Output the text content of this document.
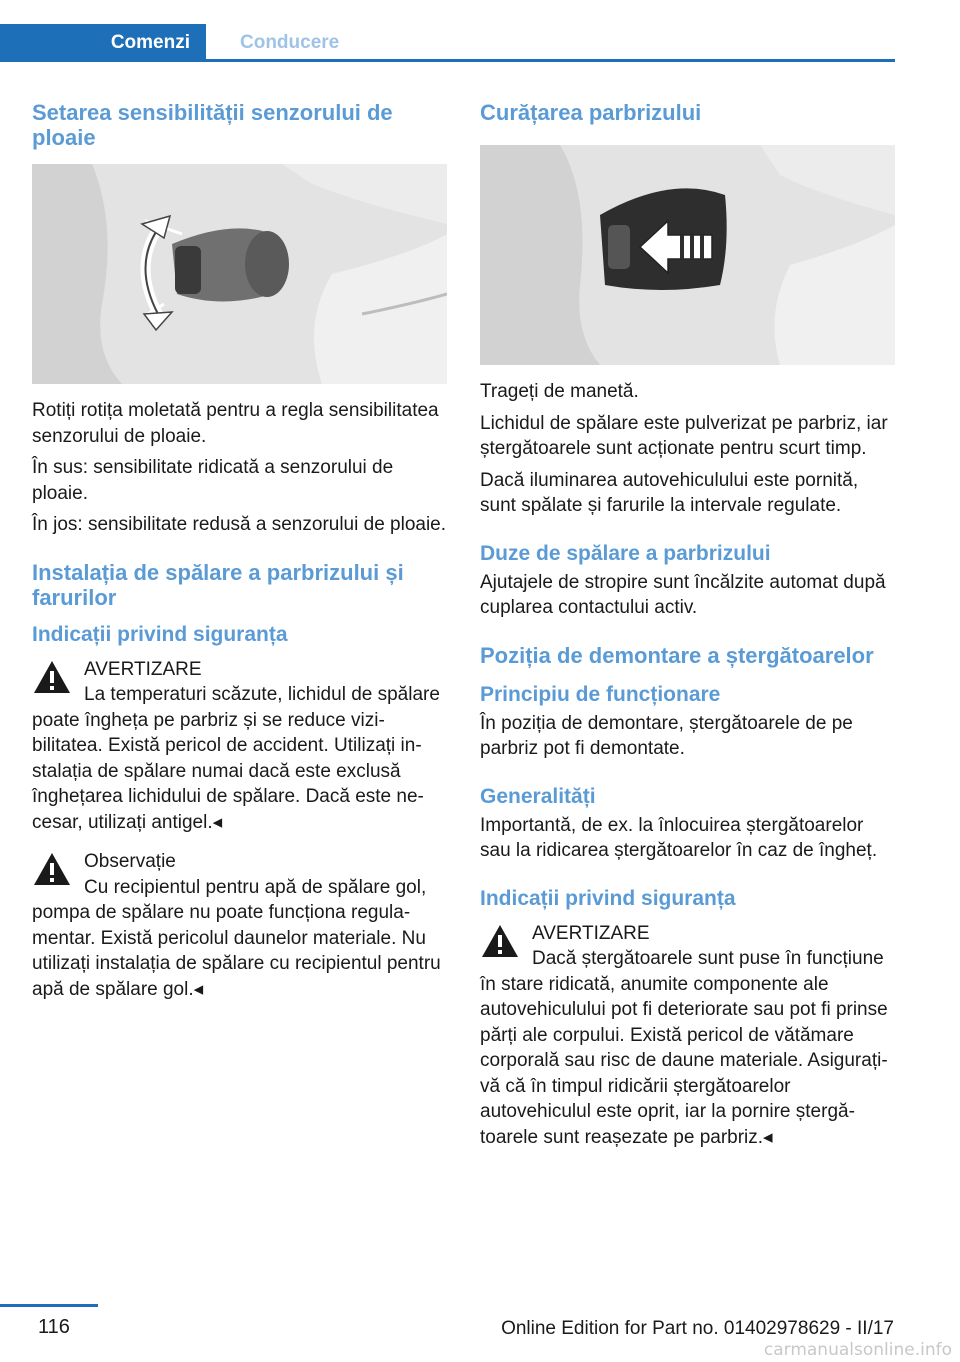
Comenzi	Conducere
Setarea sensibilității senzorului de ploaie

Rotiți rotița moletată pentru a regla sensibilitatea senzorului de ploaie.

În sus: sensibilitate ridicată a senzorului de ploaie.

În jos: sensibilitate redusă a senzorului de ploaie.

Instalația de spălare a parbrizului și farurilor
Indicații privind siguranța
AVERTIZARE

La temperaturi scăzute, lichidul de spălare poate îngheța pe parbriz și se reduce vizibilitatea. Există pericol de accident. Utilizați instalația de spălare numai dacă este exclusă înghețarea lichidului de spălare. Dacă este necesar, utilizați antigel.◂

Observație

Cu recipientul pentru apă de spălare gol, pompa de spălare nu poate funcționa regulamentar. Există pericolul daunelor materiale. Nu utilizați instalația de spălare cu recipientul pentru apă de spălare gol.◂

Curățarea parbrizului

Trageți de manetă.

Lichidul de spălare este pulverizat pe parbriz, iar ștergătoarele sunt acționate pentru scurt timp.

Dacă iluminarea autovehiculului este pornită, sunt spălate și farurile la intervale regulate.

Duze de spălare a parbrizului

Ajutajele de stropire sunt încălzite automat după cuplarea contactului activ.

Poziția de demontare a ștergătoarelor
Principiu de funcționare

În poziția de demontare, ștergătoarele de pe parbriz pot fi demontate.

Generalități

Importantă, de ex. la înlocuirea ștergătoarelor sau la ridicarea ștergătoarelor în caz de îngheț.

Indicații privind siguranța
AVERTIZARE

Dacă ștergătoarele sunt puse în funcțiune în stare ridicată, anumite componente ale autovehiculului pot fi deteriorate sau pot fi prinse părți ale corpului. Există pericol de vătămare corporală sau risc de daune materiale. Asigurați-vă că în timpul ridicării ștergătoarelor autovehiculul este oprit, iar la pornire ștergătoarele sunt reașezate pe parbriz.◂

116	Online Edition for Part no. 01402978629 - II/17
carmanualsonline.info
